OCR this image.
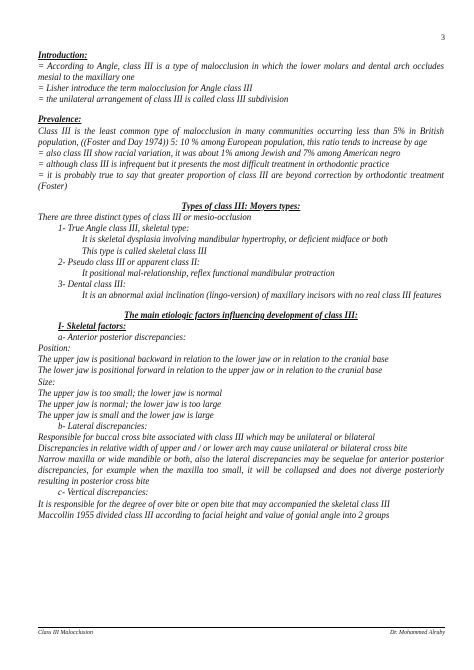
3

Introduction:

= According to Angle, class III is a type of malocclusion in which the lower molars and dental arch occludes mesial to the maxillary one

= Lisher introduce the term malocclusion for Angle class III

= the unilateral arrangement of class III is called class III subdivision

Prevalence:

Class III is the least common type of malocclusion in many communities occurring less than 5% in British population, ((Foster and Day 1974)) 5: 10 % among European population, this ratio tends to increase by age

= also class III show racial variation, it was about 1% among Jewish and 7% among American negro

= although class III is infrequent but it presents the most difficult treatment in orthodontic practice

= it is probably true to say that greater proportion of class III are beyond correction by orthodontic treatment (Foster)

Types of class III: Moyers types:

There are three distinct types of class III or mesio-occlusion

1- True Angle class III, skeletal type:

It is skeletal dysplasia involving mandibular hypertrophy, or deficient midface or both

This type is called skeletal class III

2- Pseudo class III or apparent class II:

It positional mal-relationship, reflex functional mandibular protraction

3- Dental class III:

It is an abnormal axial inclination (lingo-version) of maxillary incisors with no real class III features

The main etiologic factors influencing development of class III:

I- Skeletal factors:

a- Anterior posterior discrepancies:

Position:

The upper jaw is positional backward in relation to the lower jaw or in relation to the cranial base

The lower jaw is positional forward in relation to the upper jaw or in relation to the cranial base

Size:

The upper jaw is too small; the lower jaw is normal

The upper jaw is normal; the lower jaw is too large

The upper jaw is small and the lower jaw is large

b- Lateral discrepancies:

Responsible for buccal cross bite associated with class III which may be unilateral or bilateral

Discrepancies in relative width of upper and / or lower arch may cause unilateral or bilateral cross bite

Narrow maxilla or wide mandible or both, also the lateral discrepancies may be sequelae for anterior posterior discrepancies, for example when the maxilla too small, it will be collapsed and does not diverge posteriorly resulting in posterior cross bite

c- Vertical discrepancies:

It is responsible for the degree of over bite or open bite that may accompanied the skeletal class III

Maccollin 1955 divided class III according to facial height and value of gonial angle into 2 groups

Class III Malocclusion	Dr. Mohammed Alruby
